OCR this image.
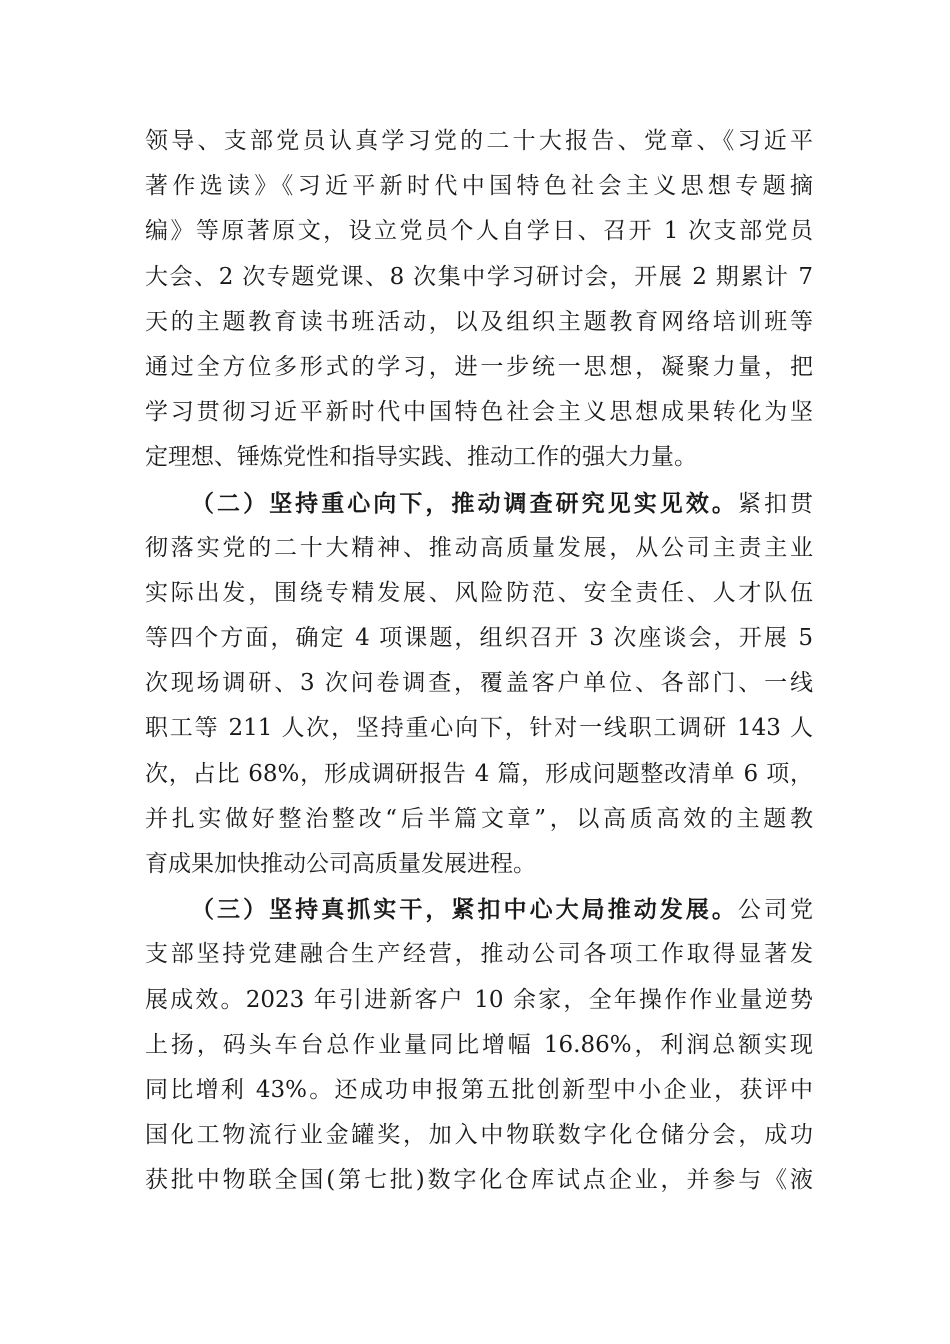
领导、支部党员认真学习党的二十大报告、党章、《习近平
著作选读》《习近平新时代中国特色社会主义思想专题摘
编》等原著原文，设立党员个人自学日、召开 1 次支部党员
大会、2 次专题党课、8 次集中学习研讨会，开展 2 期累计 7
天的主题教育读书班活动，以及组织主题教育网络培训班等
通过全方位多形式的学习，进一步统一思想，凝聚力量，把
学习贯彻习近平新时代中国特色社会主义思想成果转化为坚
定理想、锤炼党性和指导实践、推动工作的强大力量。
（二）坚持重心向下，推动调查研究见实见效。紧扣贯
彻落实党的二十大精神、推动高质量发展，从公司主责主业
实际出发，围绕专精发展、风险防范、安全责任、人才队伍
等四个方面，确定 4 项课题，组织召开 3 次座谈会，开展 5
次现场调研、3 次问卷调查，覆盖客户单位、各部门、一线
职工等 211 人次，坚持重心向下，针对一线职工调研 143 人
次，占比 68%，形成调研报告 4 篇，形成问题整改清单 6 项，
并扎实做好整治整改“后半篇文章”，以高质高效的主题教
育成果加快推动公司高质量发展进程。
（三）坚持真抓实干，紧扣中心大局推动发展。公司党
支部坚持党建融合生产经营，推动公司各项工作取得显著发
展成效。2023 年引进新客户 10 余家，全年操作作业量逆势
上扬，码头车台总作业量同比增幅 16.86%，利润总额实现
同比增利 43%。还成功申报第五批创新型中小企业，获评中
国化工物流行业金罐奖，加入中物联数字化仓储分会，成功
获批中物联全国(第七批)数字化仓库试点企业，并参与《液
